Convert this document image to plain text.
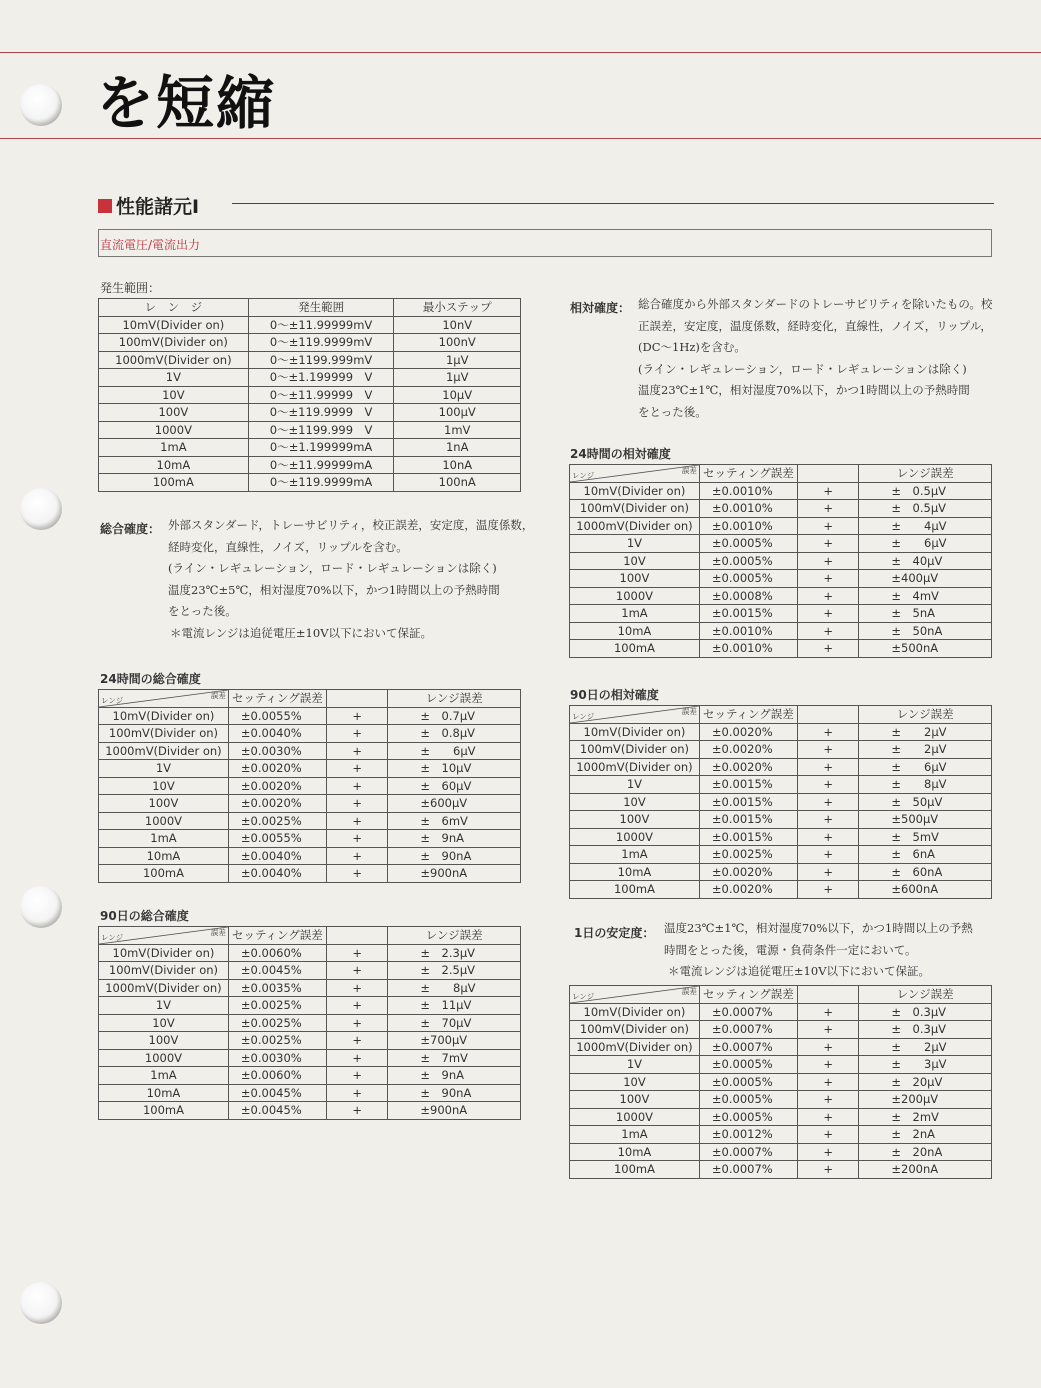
を短縮
性能諸元Ⅰ
直流電圧/電流出力
発生範囲：
レ　ン　ジ	発生範囲	最小ステップ
10mV(Divider on)	0～±11.99999mV	10nV
100mV(Divider on)	0～±119.9999mV	100nV
1000mV(Divider on)	0～±1199.999mV	1μV
1V	0～±1.199999　V	1μV
10V	0～±11.99999　V	10μV
100V	0～±119.9999　V	100μV
1000V	0～±1199.999　V	1mV
1mA	0～±1.199999mA	1nA
10mA	0～±11.99999mA	10nA
100mA	0～±119.9999mA	100nA
総合確度： 外部スタンダード，トレーサビリティ，校正誤差，安定度，温度係数，
経時変化，直線性，ノイズ，リップルを含む。
(ライン・レギュレーション，ロード・レギュレーションは除く)
温度23℃±5℃，相対湿度70%以下，かつ1時間以上の予熱時間
をとった後。
＊電流レンジは追従電圧±10V以下において保証。
24時間の総合確度
レンジ 誤差	セッティング誤差		レンジ誤差
10mV(Divider on)	±0.0055%	+	±　0.7μV
100mV(Divider on)	±0.0040%	+	±　0.8μV
1000mV(Divider on)	±0.0030%	+	±　　6μV
1V	±0.0020%	+	±　10μV
10V	±0.0020%	+	±　60μV
100V	±0.0020%	+	±600μV
1000V	±0.0025%	+	±　6mV
1mA	±0.0055%	+	±　9nA
10mA	±0.0040%	+	±　90nA
100mA	±0.0040%	+	±900nA
90日の総合確度
レンジ 誤差	セッティング誤差		レンジ誤差
10mV(Divider on)	±0.0060%	+	±　2.3μV
100mV(Divider on)	±0.0045%	+	±　2.5μV
1000mV(Divider on)	±0.0035%	+	±　　8μV
1V	±0.0025%	+	±　11μV
10V	±0.0025%	+	±　70μV
100V	±0.0025%	+	±700μV
1000V	±0.0030%	+	±　7mV
1mA	±0.0060%	+	±　9nA
10mA	±0.0045%	+	±　90nA
100mA	±0.0045%	+	±900nA
相対確度： 総合確度から外部スタンダードのトレーサビリティを除いたもの。校
正誤差，安定度，温度係数，経時変化，直線性，ノイズ，リップル，
(DC～1Hz)を含む。
(ライン・レギュレーション，ロード・レギュレーションは除く)
温度23℃±1℃，相対湿度70%以下，かつ1時間以上の予熱時間
をとった後。
24時間の相対確度
レンジ 誤差	セッティング誤差		レンジ誤差
10mV(Divider on)	±0.0010%	+	±　0.5μV
100mV(Divider on)	±0.0010%	+	±　0.5μV
1000mV(Divider on)	±0.0010%	+	±　　4μV
1V	±0.0005%	+	±　　6μV
10V	±0.0005%	+	±　40μV
100V	±0.0005%	+	±400μV
1000V	±0.0008%	+	±　4mV
1mA	±0.0015%	+	±　5nA
10mA	±0.0010%	+	±　50nA
100mA	±0.0010%	+	±500nA
90日の相対確度
レンジ 誤差	セッティング誤差		レンジ誤差
10mV(Divider on)	±0.0020%	+	±　　2μV
100mV(Divider on)	±0.0020%	+	±　　2μV
1000mV(Divider on)	±0.0020%	+	±　　6μV
1V	±0.0015%	+	±　　8μV
10V	±0.0015%	+	±　50μV
100V	±0.0015%	+	±500μV
1000V	±0.0015%	+	±　5mV
1mA	±0.0025%	+	±　6nA
10mA	±0.0020%	+	±　60nA
100mA	±0.0020%	+	±600nA
1日の安定度： 温度23℃±1℃，相対湿度70%以下，かつ1時間以上の予熱
時間をとった後，電源・負荷条件一定において。
＊電流レンジは追従電圧±10V以下において保証。
レンジ 誤差	セッティング誤差		レンジ誤差
10mV(Divider on)	±0.0007%	+	±　0.3μV
100mV(Divider on)	±0.0007%	+	±　0.3μV
1000mV(Divider on)	±0.0007%	+	±　　2μV
1V	±0.0005%	+	±　　3μV
10V	±0.0005%	+	±　20μV
100V	±0.0005%	+	±200μV
1000V	±0.0005%	+	±　2mV
1mA	±0.0012%	+	±　2nA
10mA	±0.0007%	+	±　20nA
100mA	±0.0007%	+	±200nA
